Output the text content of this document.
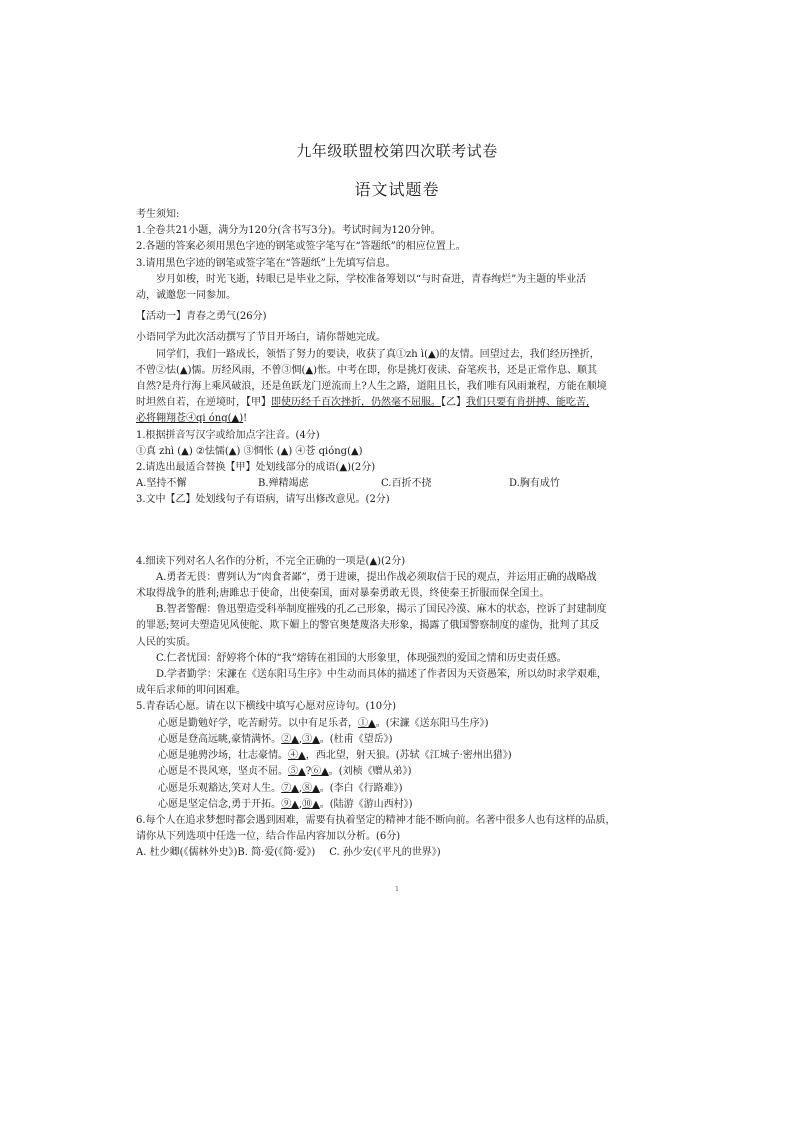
九年级联盟校第四次联考试卷
语文试题卷

考生须知:

1.全卷共21小题，满分为120分(含书写3分)。考试时间为120分钟。

2.各题的答案必须用黑色字迹的钢笔或签字笔写在“答题纸”的相应位置上。

3.请用黑色字迹的钢笔或签字笔在“答题纸”上先填写信息。

岁月如梭，时光飞逝，转眼已是毕业之际，学校准备筹划以“与时奋进，青春绚烂”为主题的毕业活

动，诚邀您一同参加。

【活动一】青春之勇气(26分)

小语同学为此次活动撰写了节目开场白，请你帮她完成。

同学们，我们一路成长，领悟了努力的要诀，收获了真①zh ì(▲)的友情。回望过去，我们经历挫折，

不曾②怯(▲)懦。历经风雨，不曾③惆(▲)怅。中考在即，你是挑灯夜读、奋笔疾书，还是正常作息、顺其

自然?是舟行海上乘风破浪，还是鱼跃龙门逆流而上?人生之路，道阻且长，我们唯有风雨兼程，方能在顺境

时坦然自若，在逆境时，【甲】即使历经千百次挫折，仍然毫不屈服。【乙】我们只要有肯拼搏、能吃苦,

必将翱翔苍④qi óng(▲)!

1.根据拼音写汉字或给加点字注音。(4分)

①真 zhì (▲) ②怯懦(▲) ③惆怅 (▲) ④苍 qióng(▲)

2.请选出最适合替换【甲】处划线部分的成语(▲)(2分)

A.坚持不懈	B.殚精竭虑	C.百折不挠	D.胸有成竹

3.文中【乙】处划线句子有语病，请写出修改意见。(2分)

4.细读下列对名人名作的分析，不完全正确的一项是(▲)(2分)

A.勇者无畏：曹刿认为“肉食者鄙”，勇于进谏，提出作战必须取信于民的观点，并运用正确的战略战

术取得战争的胜利;唐雎忠于使命，出使秦国，面对暴秦勇敢无畏，终使秦王折服而保全国土。

B.智者警醒：鲁迅塑造受科举制度摧残的孔乙己形象，揭示了国民冷漠、麻木的状态，控诉了封建制度

的罪恶;契诃夫塑造见风使舵、欺下媚上的警官奥楚蔑洛夫形象，揭露了俄国警察制度的虚伪，批判了其反

人民的实质。

C.仁者忧国：舒婷将个体的“我”熔铸在祖国的大形象里，体现强烈的爱国之情和历史责任感。

D.学者勤学：宋濂在《送东阳马生序》中生动而具体的描述了作者因为天资愚笨，所以幼时求学艰难，

成年后求师的叩问困难。

5.青春话心愿。请在以下横线中填写心愿对应诗句。(10分)

心愿是勤勉好学，吃苦耐劳。以中有足乐者，①▲。(宋濂《送东阳马生序》)

心愿是登高远眺,豪情满怀。②▲,③▲。(杜甫《望岳》)

心愿是驰骋沙场，壮志豪情。④▲，西北望，射天狼。(苏轼《江城子·密州出猎》)

心愿是不畏风寒，坚贞不屈。⑤▲?⑥▲。(刘桢《赠从弟》)

心愿是乐观豁达,笑对人生。⑦▲,⑧▲。(李白《行路难》)

心愿是坚定信念,勇于开拓。⑨▲,⑩▲。(陆游《游山西村》)

6.每个人在追求梦想时都会遇到困难，需要有执着坚定的精神才能不断向前。名著中很多人也有这样的品质，

请你从下列选项中任选一位，结合作品内容加以分析。(6分)

A. 杜少卿(《儒林外史》)B. 简·爱(《简·爱》) C. 孙少安(《平凡的世界》)
1
